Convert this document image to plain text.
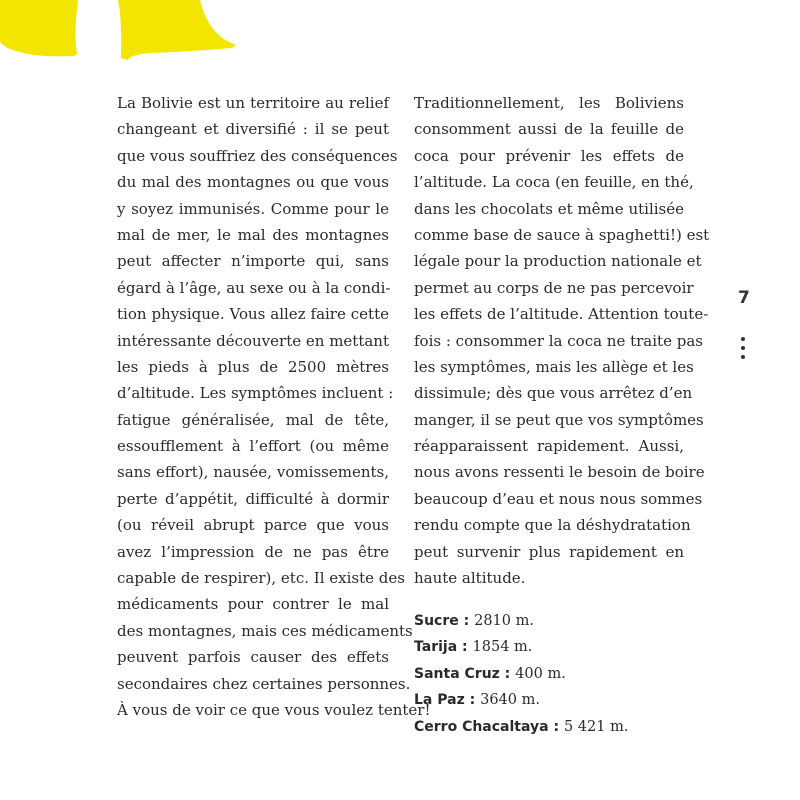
La Bolivie est un territoire au relief
changeant et diversifié : il se peut
que vous souffriez des conséquences
du mal des montagnes ou que vous
y soyez immunisés. Comme pour le
mal de mer, le mal des montagnes
peut affecter n’importe qui, sans
égard à l’âge, au sexe ou à la condi-
tion physique. Vous allez faire cette
intéressante découverte en mettant
les pieds à plus de 2500 mètres
d’altitude. Les symptômes incluent :
fatigue généralisée, mal de tête,
essoufflement à l’effort (ou même
sans effort), nausée, vomissements,
perte d’appétit, difficulté à dormir
(ou réveil abrupt parce que vous
avez l’impression de ne pas être
capable de respirer), etc. Il existe des
médicaments pour contrer le mal
des montagnes, mais ces médicaments
peuvent parfois causer des effets
secondaires chez certaines personnes.
À vous de voir ce que vous voulez tenter!
Traditionnellement, les Boliviens
consomment aussi de la feuille de
coca pour prévenir les effets de
l’altitude. La coca (en feuille, en thé,
dans les chocolats et même utilisée
comme base de sauce à spaghetti!) est
légale pour la production nationale et
permet au corps de ne pas percevoir
les effets de l’altitude. Attention toute-
fois : consommer la coca ne traite pas
les symptômes, mais les allège et les
dissimule; dès que vous arrêtez d’en
manger, il se peut que vos symptômes
réapparaissent rapidement. Aussi,
nous avons ressenti le besoin de boire
beaucoup d’eau et nous nous sommes
rendu compte que la déshydratation
peut survenir plus rapidement en
haute altitude.
Sucre : 2810 m.
Tarija : 1854 m.
Santa Cruz : 400 m.
La Paz : 3640 m.
Cerro Chacaltaya : 5 421 m.
7
